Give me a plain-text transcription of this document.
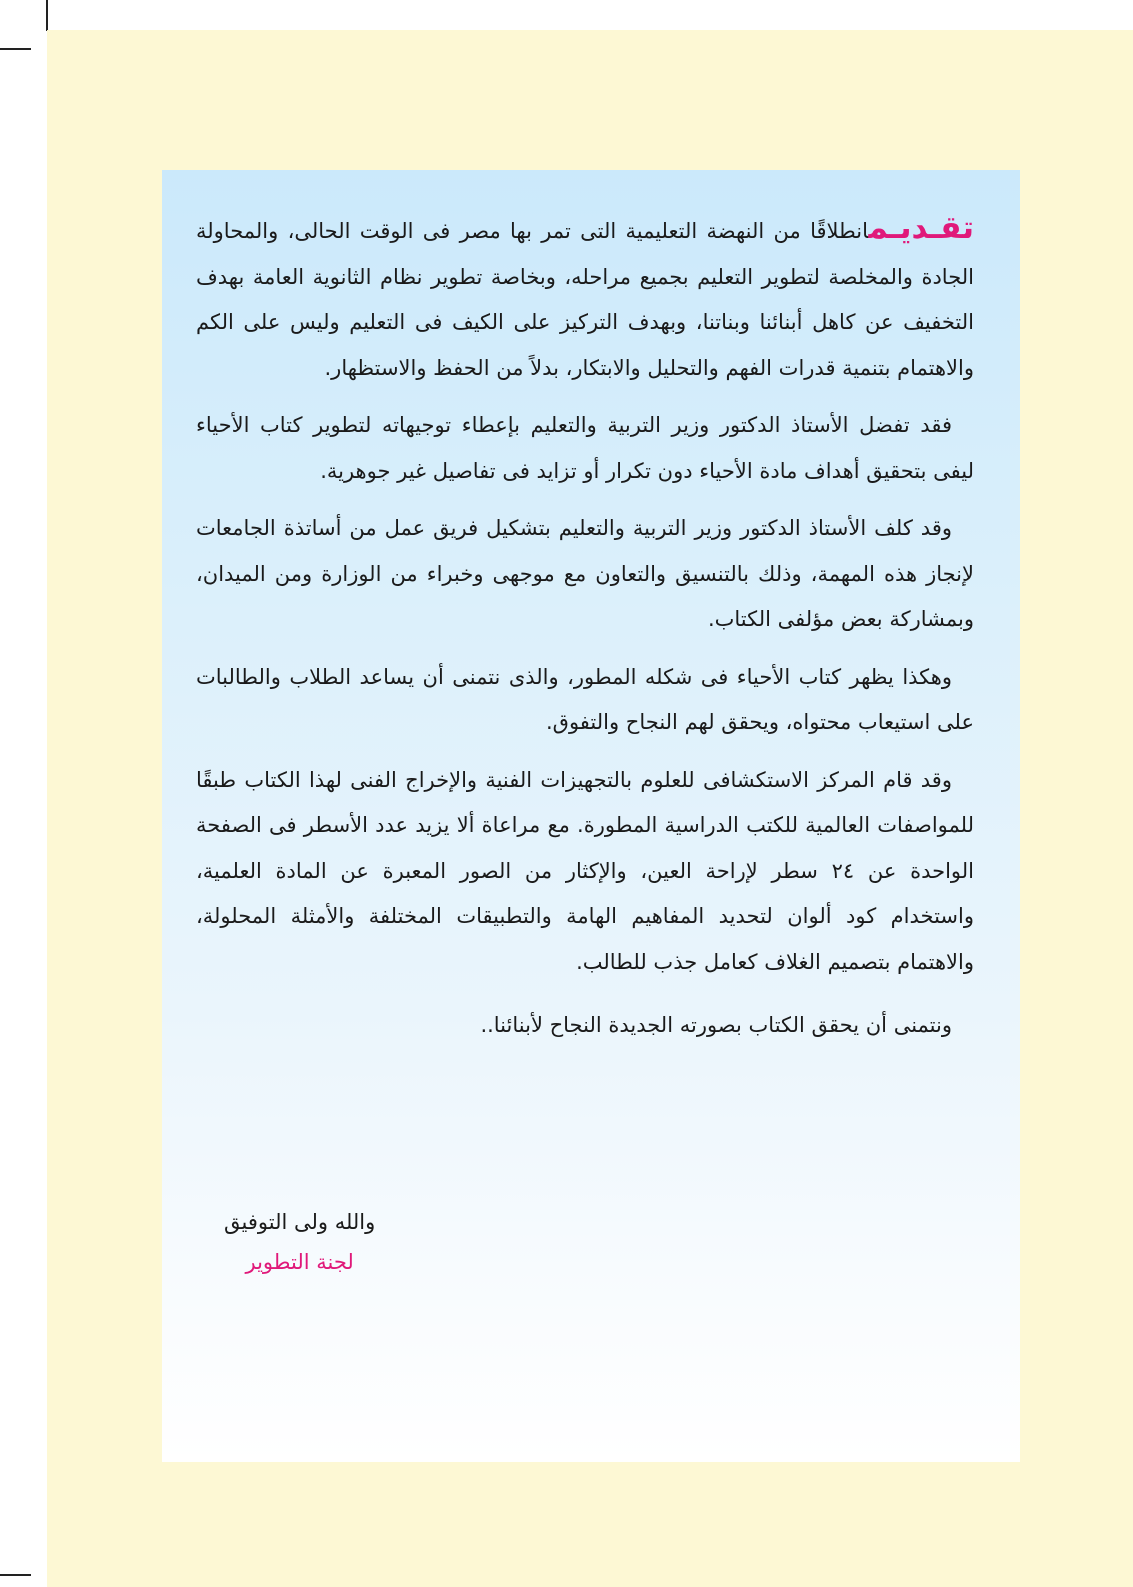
تقـديـمانطلاقًا من النهضة التعليمية التى تمر بها مصر فى الوقت الحالى، والمحاولة الجادة والمخلصة لتطوير التعليم بجميع مراحله، وبخاصة تطوير نظام الثانوية العامة بهدف التخفيف عن كاهل أبنائنا وبناتنا، وبهدف التركيز على الكيف فى التعليم وليس على الكم والاهتمام بتنمية قدرات الفهم والتحليل والابتكار، بدلاً من الحفظ والاستظهار.

فقد تفضل الأستاذ الدكتور وزير التربية والتعليم بإعطاء توجيهاته لتطوير كتاب الأحياء ليفى بتحقيق أهداف مادة الأحياء دون تكرار أو تزايد فى تفاصيل غير جوهرية.

وقد كلف الأستاذ الدكتور وزير التربية والتعليم بتشكيل فريق عمل من أساتذة الجامعات لإنجاز هذه المهمة، وذلك بالتنسيق والتعاون مع موجهى وخبراء من الوزارة ومن الميدان، وبمشاركة بعض مؤلفى الكتاب.

وهكذا يظهر كتاب الأحياء فى شكله المطور، والذى نتمنى أن يساعد الطلاب والطالبات على استيعاب محتواه، ويحقق لهم النجاح والتفوق.

وقد قام المركز الاستكشافى للعلوم بالتجهيزات الفنية والإخراج الفنى لهذا الكتاب طبقًا للمواصفات العالمية للكتب الدراسية المطورة. مع مراعاة ألا يزيد عدد الأسطر فى الصفحة الواحدة عن ٢٤ سطر لإراحة العين، والإكثار من الصور المعبرة عن المادة العلمية، واستخدام كود ألوان لتحديد المفاهيم الهامة والتطبيقات المختلفة والأمثلة المحلولة، والاهتمام بتصميم الغلاف كعامل جذب للطالب.

ونتمنى أن يحقق الكتاب بصورته الجديدة النجاح لأبنائنا..

والله ولى التوفيق
لجنة التطوير
